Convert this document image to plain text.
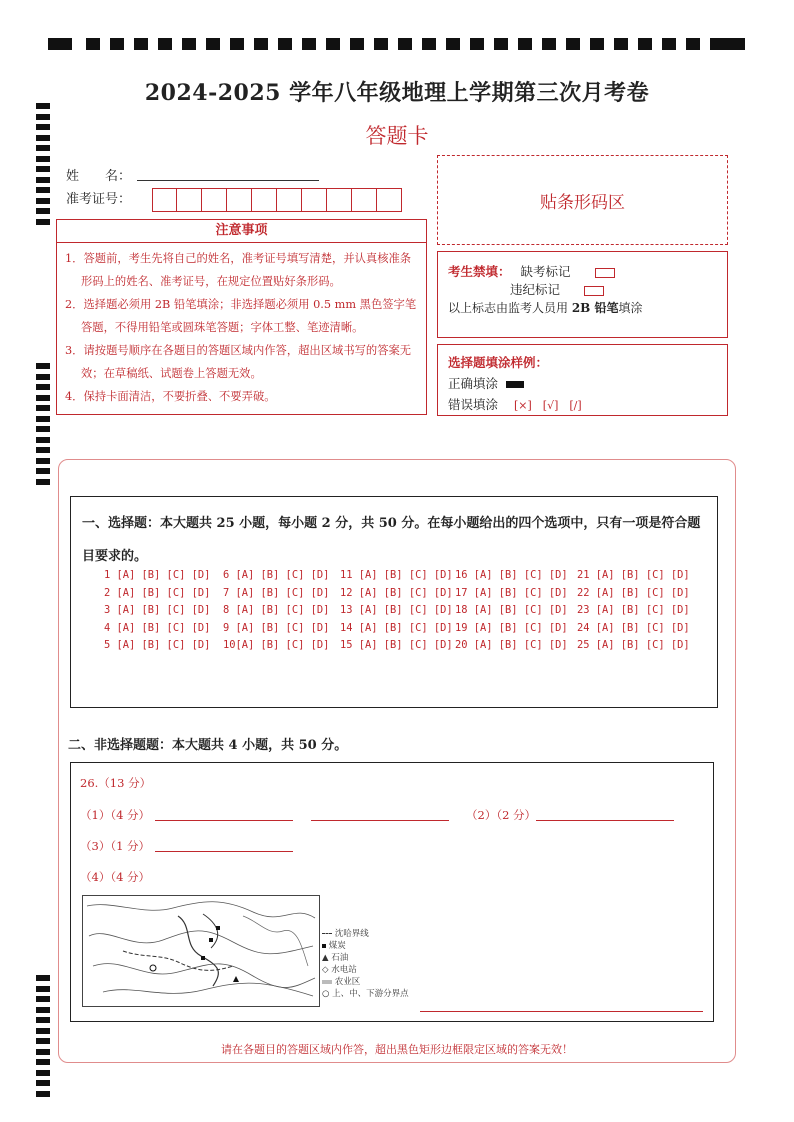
2024-2025 学年八年级地理上学期第三次月考卷
答题卡
姓　　名：
准考证号：	贴条形码区
注意事项
1．答题前，考生先将自己的姓名，准考证号填写清楚，并认真核准条形码上的姓名、准考证号，在规定位置贴好条形码。
2．选择题必须用 2B 铅笔填涂；非选择题必须用 0.5 mm 黑色签字笔答题，不得用铅笔或圆珠笔答题；字体工整、笔迹清晰。
3．请按题号顺序在各题目的答题区域内作答，超出区域书写的答案无效；在草稿纸、试题卷上答题无效。
4．保持卡面清洁，不要折叠、不要弄破。
考生禁填： 缺考标记
违纪标记
以上标志由监考人员用 2B 铅笔填涂
选择题填涂样例：
正确填涂
错误填涂 [×]　[√]　[/]
一、选择题：本大题共 25 小题，每小题 2 分，共 50 分。在每小题给出的四个选项中，只有一项是符合题目要求的。
1 [A] [B] [C] [D] 6 [A] [B] [C] [D] 11 [A] [B] [C] [D] 16 [A] [B] [C] [D] 21 [A] [B] [C] [D]
2 [A] [B] [C] [D] 7 [A] [B] [C] [D] 12 [A] [B] [C] [D] 17 [A] [B] [C] [D] 22 [A] [B] [C] [D]
3 [A] [B] [C] [D] 8 [A] [B] [C] [D] 13 [A] [B] [C] [D] 18 [A] [B] [C] [D] 23 [A] [B] [C] [D]
4 [A] [B] [C] [D] 9 [A] [B] [C] [D] 14 [A] [B] [C] [D] 19 [A] [B] [C] [D] 24 [A] [B] [C] [D]
5 [A] [B] [C] [D] 10[A] [B] [C] [D] 15 [A] [B] [C] [D] 20 [A] [B] [C] [D] 25 [A] [B] [C] [D]
二、非选择题题：本大题共 4 小题，共 50 分。
26.（13 分）
（1）（4 分）	（2）（2 分）
（3）（1 分）
（4）（4 分）
沈哈界线
煤炭
▲ 石油
◇ 水电站
农业区
○ 上、中、下游分界点
请在各题目的答题区域内作答，超出黑色矩形边框限定区域的答案无效！
